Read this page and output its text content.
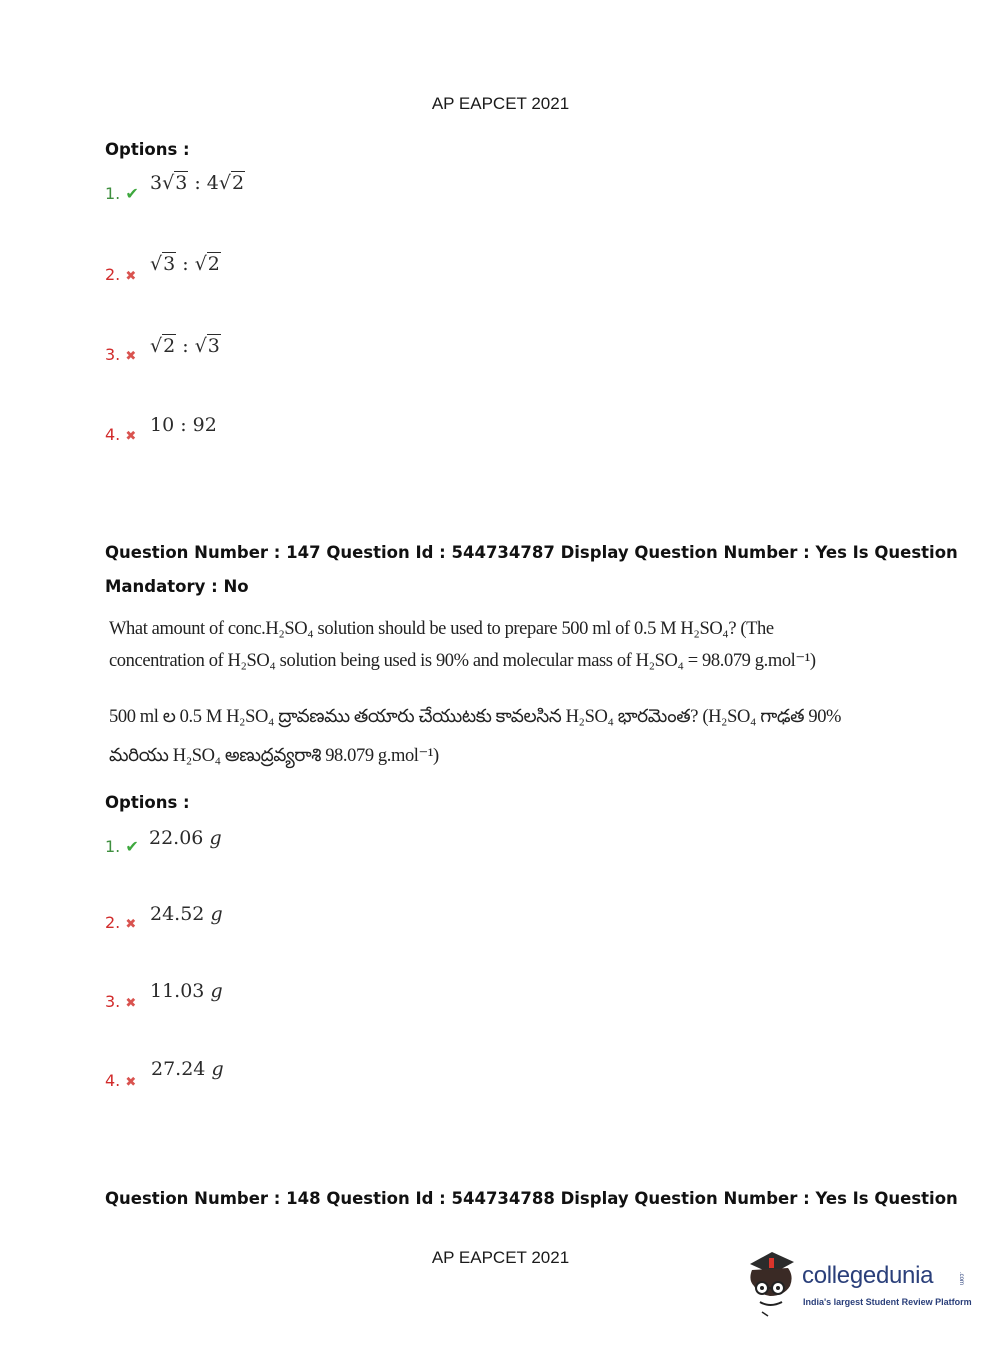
AP EAPCET 2021
Options :
1. ✔ 3√3 : 4√2
2. ✖
√3 : √2
3. ✖ √2 : √3
4. ✖
10 : 92
Question Number : 147 Question Id : 544734787 Display Question Number : Yes Is Question
Mandatory : No
What amount of conc.H₂SO₄ solution should be used to prepare 500 ml of 0.5 M H₂SO₄? (The
concentration of H₂SO₄ solution being used is 90% and molecular mass of H₂SO₄ = 98.079 g.mol⁻¹)
500 ml ల 0.5 M H₂SO₄ ద్రావణము తయారు చేయుటకు కావలసిన H₂SO₄ భారమెంత? (H₂SO₄ గాఢత 90%
మరియు H₂SO₄ అణుద్రవ్యరాశి 98.079 g.mol⁻¹)
Options :
1. ✔ 22.06 g
2. ✖ 24.52 g
3. ✖
11.03 g
4. ✖
27.24 g
Question Number : 148 Question Id : 544734788 Display Question Number : Yes Is Question
AP EAPCET 2021
collegedunia	.com
India's largest Student Review Platform
